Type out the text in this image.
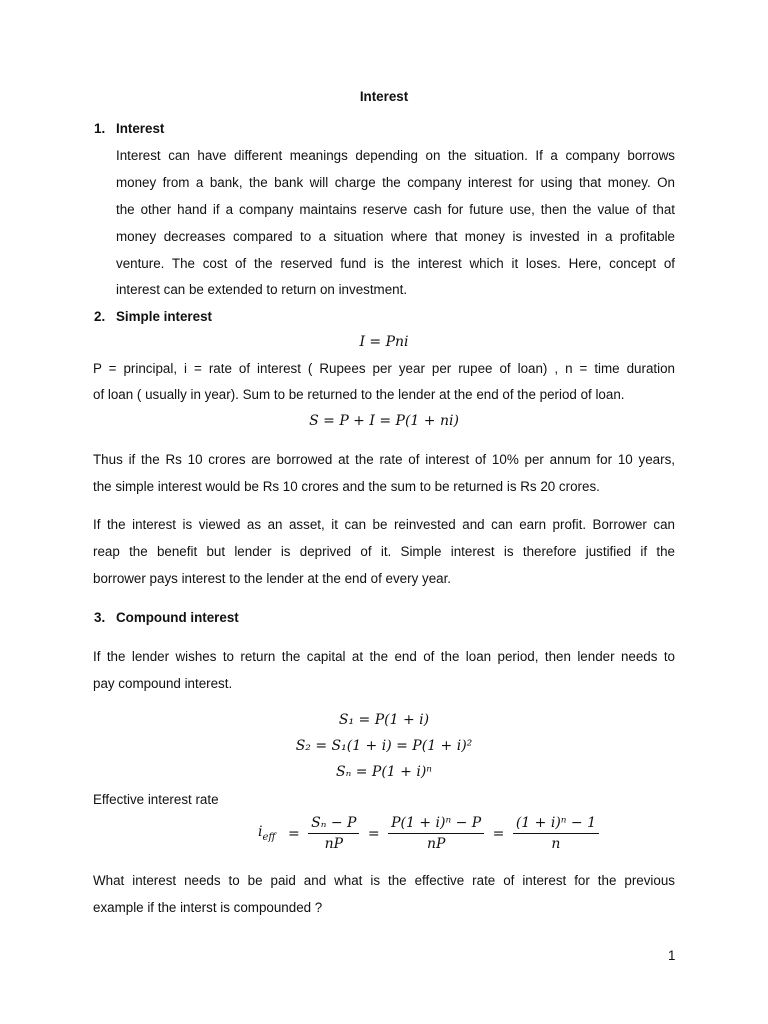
Interest
1. Interest
Interest can have different meanings depending on the situation. If a company borrows
money from a bank, the bank will charge the company interest for using that money. On
the other hand if a company maintains reserve cash for future use, then the value of that
money decreases compared to a situation where that money is invested in a profitable
venture. The cost of the reserved fund is the interest which it loses. Here, concept of
interest can be extended to return on investment.
2. Simple interest
I = Pni
P = principal, i = rate of interest ( Rupees per year per rupee of loan) , n = time duration
of loan ( usually in year). Sum to be returned to the lender at the end of the period of loan.
S = P + I = P(1 + ni)
Thus if the Rs 10 crores are borrowed at the rate of interest of 10% per annum for 10 years,
the simple interest would be Rs 10 crores and the sum to be returned is Rs 20 crores.
If the interest is viewed as an asset, it can be reinvested and can earn profit. Borrower can
reap the benefit but lender is deprived of it. Simple interest is therefore justified if the
borrower pays interest to the lender at the end of every year.
3. Compound interest
If the lender wishes to return the capital at the end of the loan period, then lender needs to
pay compound interest.
S₁ = P(1 + i)
S₂ = S₁(1 + i) = P(1 + i)²
Sₙ = P(1 + i)ⁿ
Effective interest rate
$i_{eff} = \frac{\text{Sₙ − P}}{nP} = \frac{\text{P(1 + i)ⁿ − P}}{nP} = \frac{\text{(1 + i)ⁿ − 1}}{n}$
What interest needs to be paid and what is the effective rate of interest for the previous
example if the interst is compounded ?
1
